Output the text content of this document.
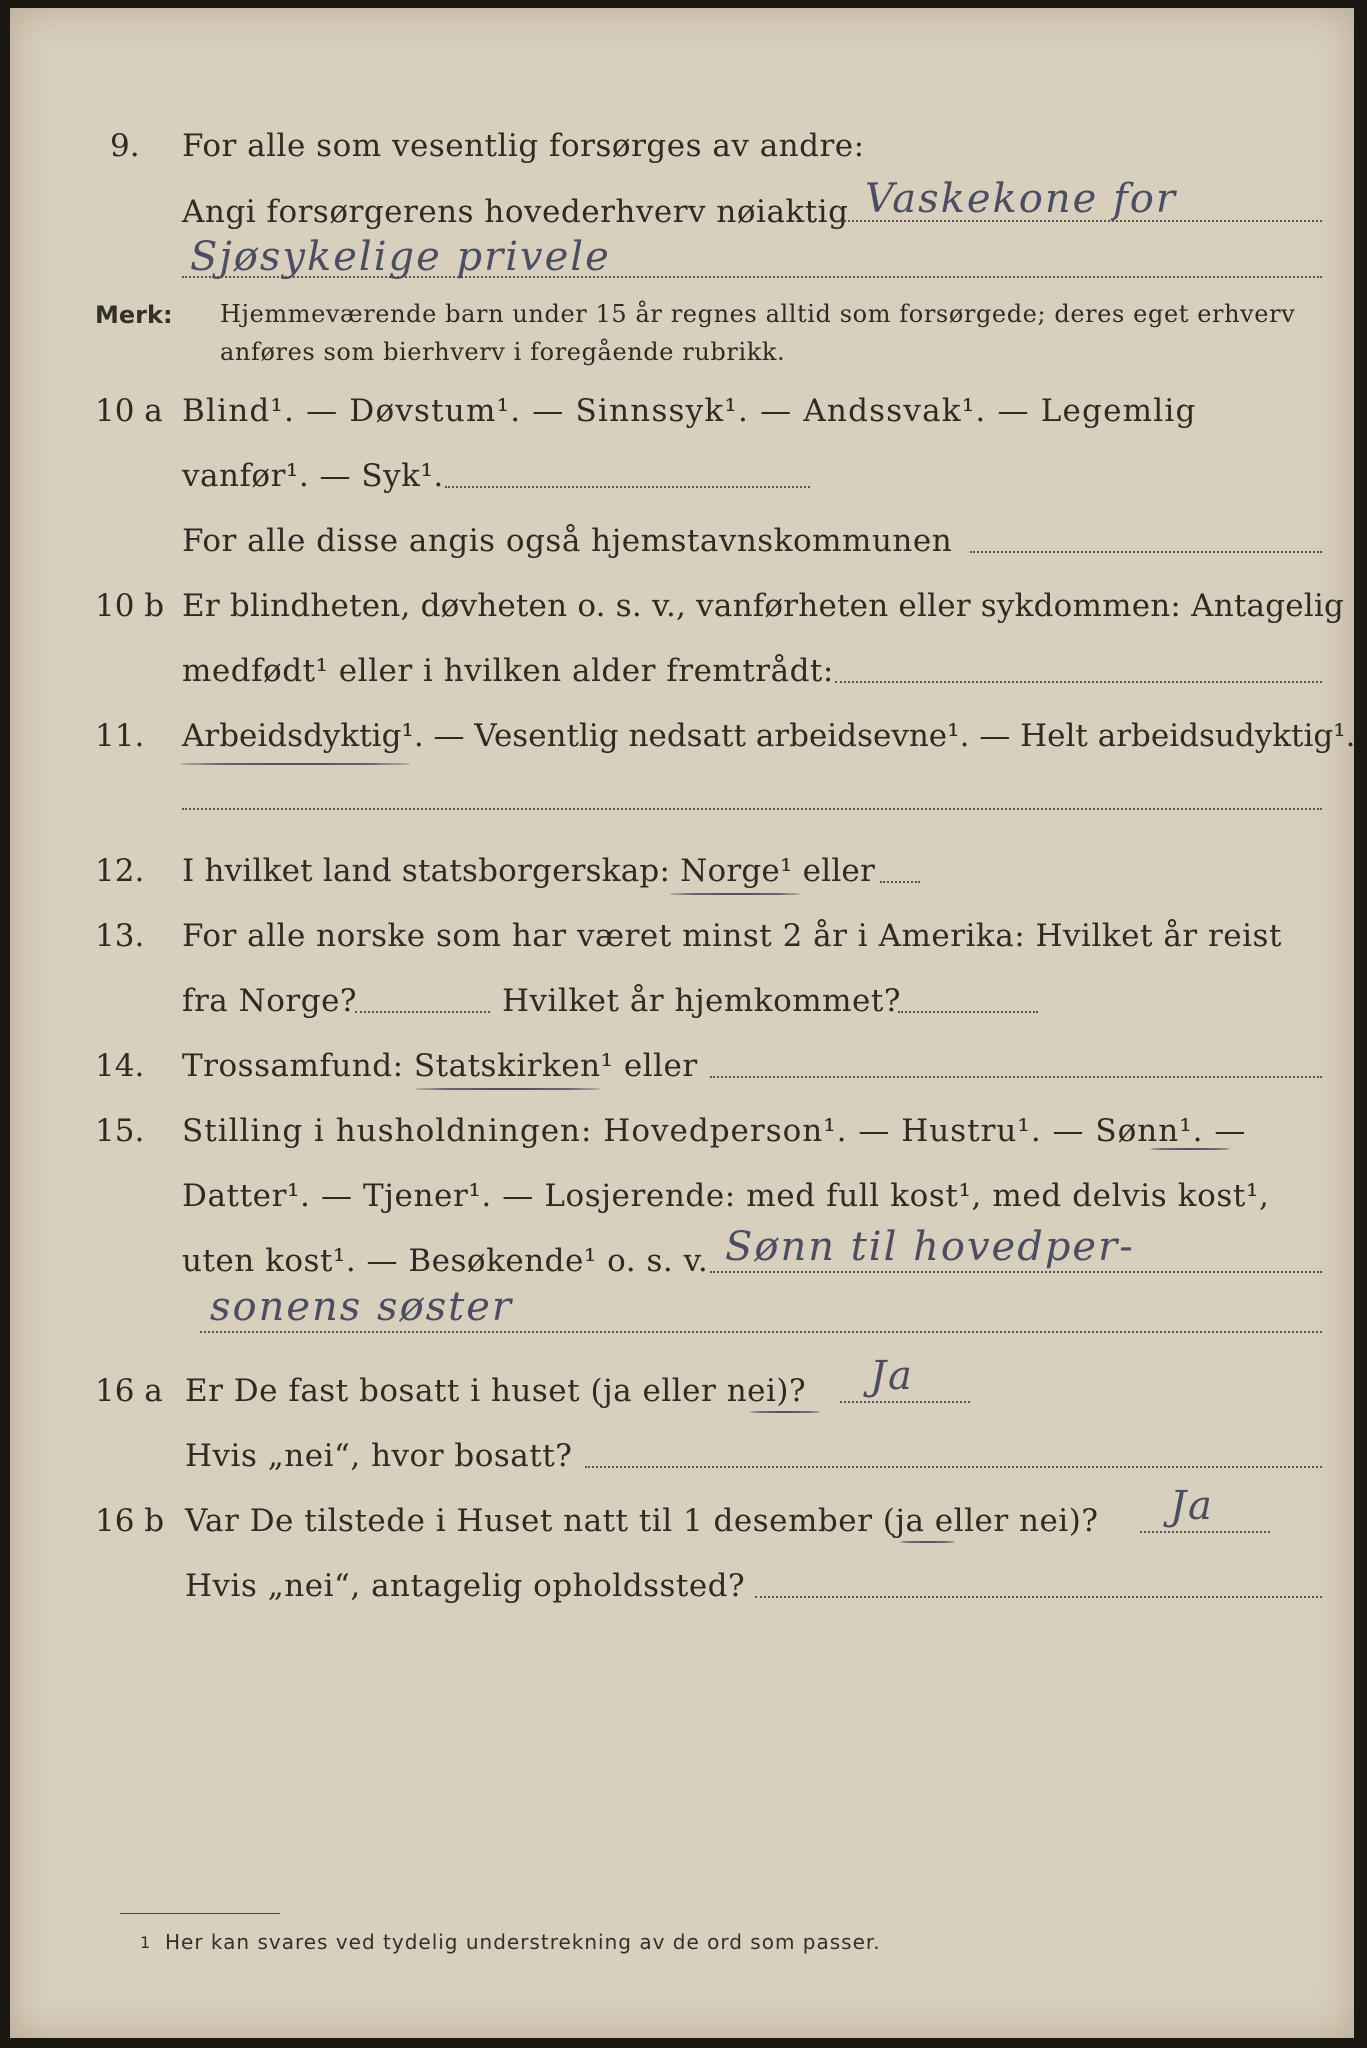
9. For alle som vesentlig forsørges av andre:
Angi forsørgerens hovederhverv nøiaktig Vaskekone for
Sjøsykelige privele
Merk: Hjemmeværende barn under 15 år regnes alltid som forsørgede; deres eget erhverv
anføres som bierhverv i foregående rubrikk.
10 a Blind¹. — Døvstum¹. — Sinnssyk¹. — Andssvak¹. — Legemlig
vanfør¹. — Syk¹.
For alle disse angis også hjemstavnskommunen
10 b Er blindheten, døvheten o. s. v., vanførheten eller sykdommen: Antagelig
medfødt¹ eller i hvilken alder fremtrådt:
11. Arbeidsdyktig¹. — Vesentlig nedsatt arbeidsevne¹. — Helt arbeidsudyktig¹.
12. I hvilket land statsborgerskap: Norge¹ eller
13. For alle norske som har været minst 2 år i Amerika: Hvilket år reist
fra Norge?	Hvilket år hjemkommet?
14. Trossamfund: Statskirken¹ eller
15. Stilling i husholdningen: Hovedperson¹. — Hustru¹. — Sønn¹. —
Datter¹. — Tjener¹. — Losjerende: med full kost¹, med delvis kost¹,
uten kost¹. — Besøkende¹ o. s. v. Sønn til hovedper-
sonens søster
16 a Er De fast bosatt i huset (ja eller nei)? Ja
Hvis „nei“, hvor bosatt?
16 b Var De tilstede i Huset natt til 1 desember (ja eller nei)? Ja
Hvis „nei“, antagelig opholdssted?
1 Her kan svares ved tydelig understrekning av de ord som passer.
